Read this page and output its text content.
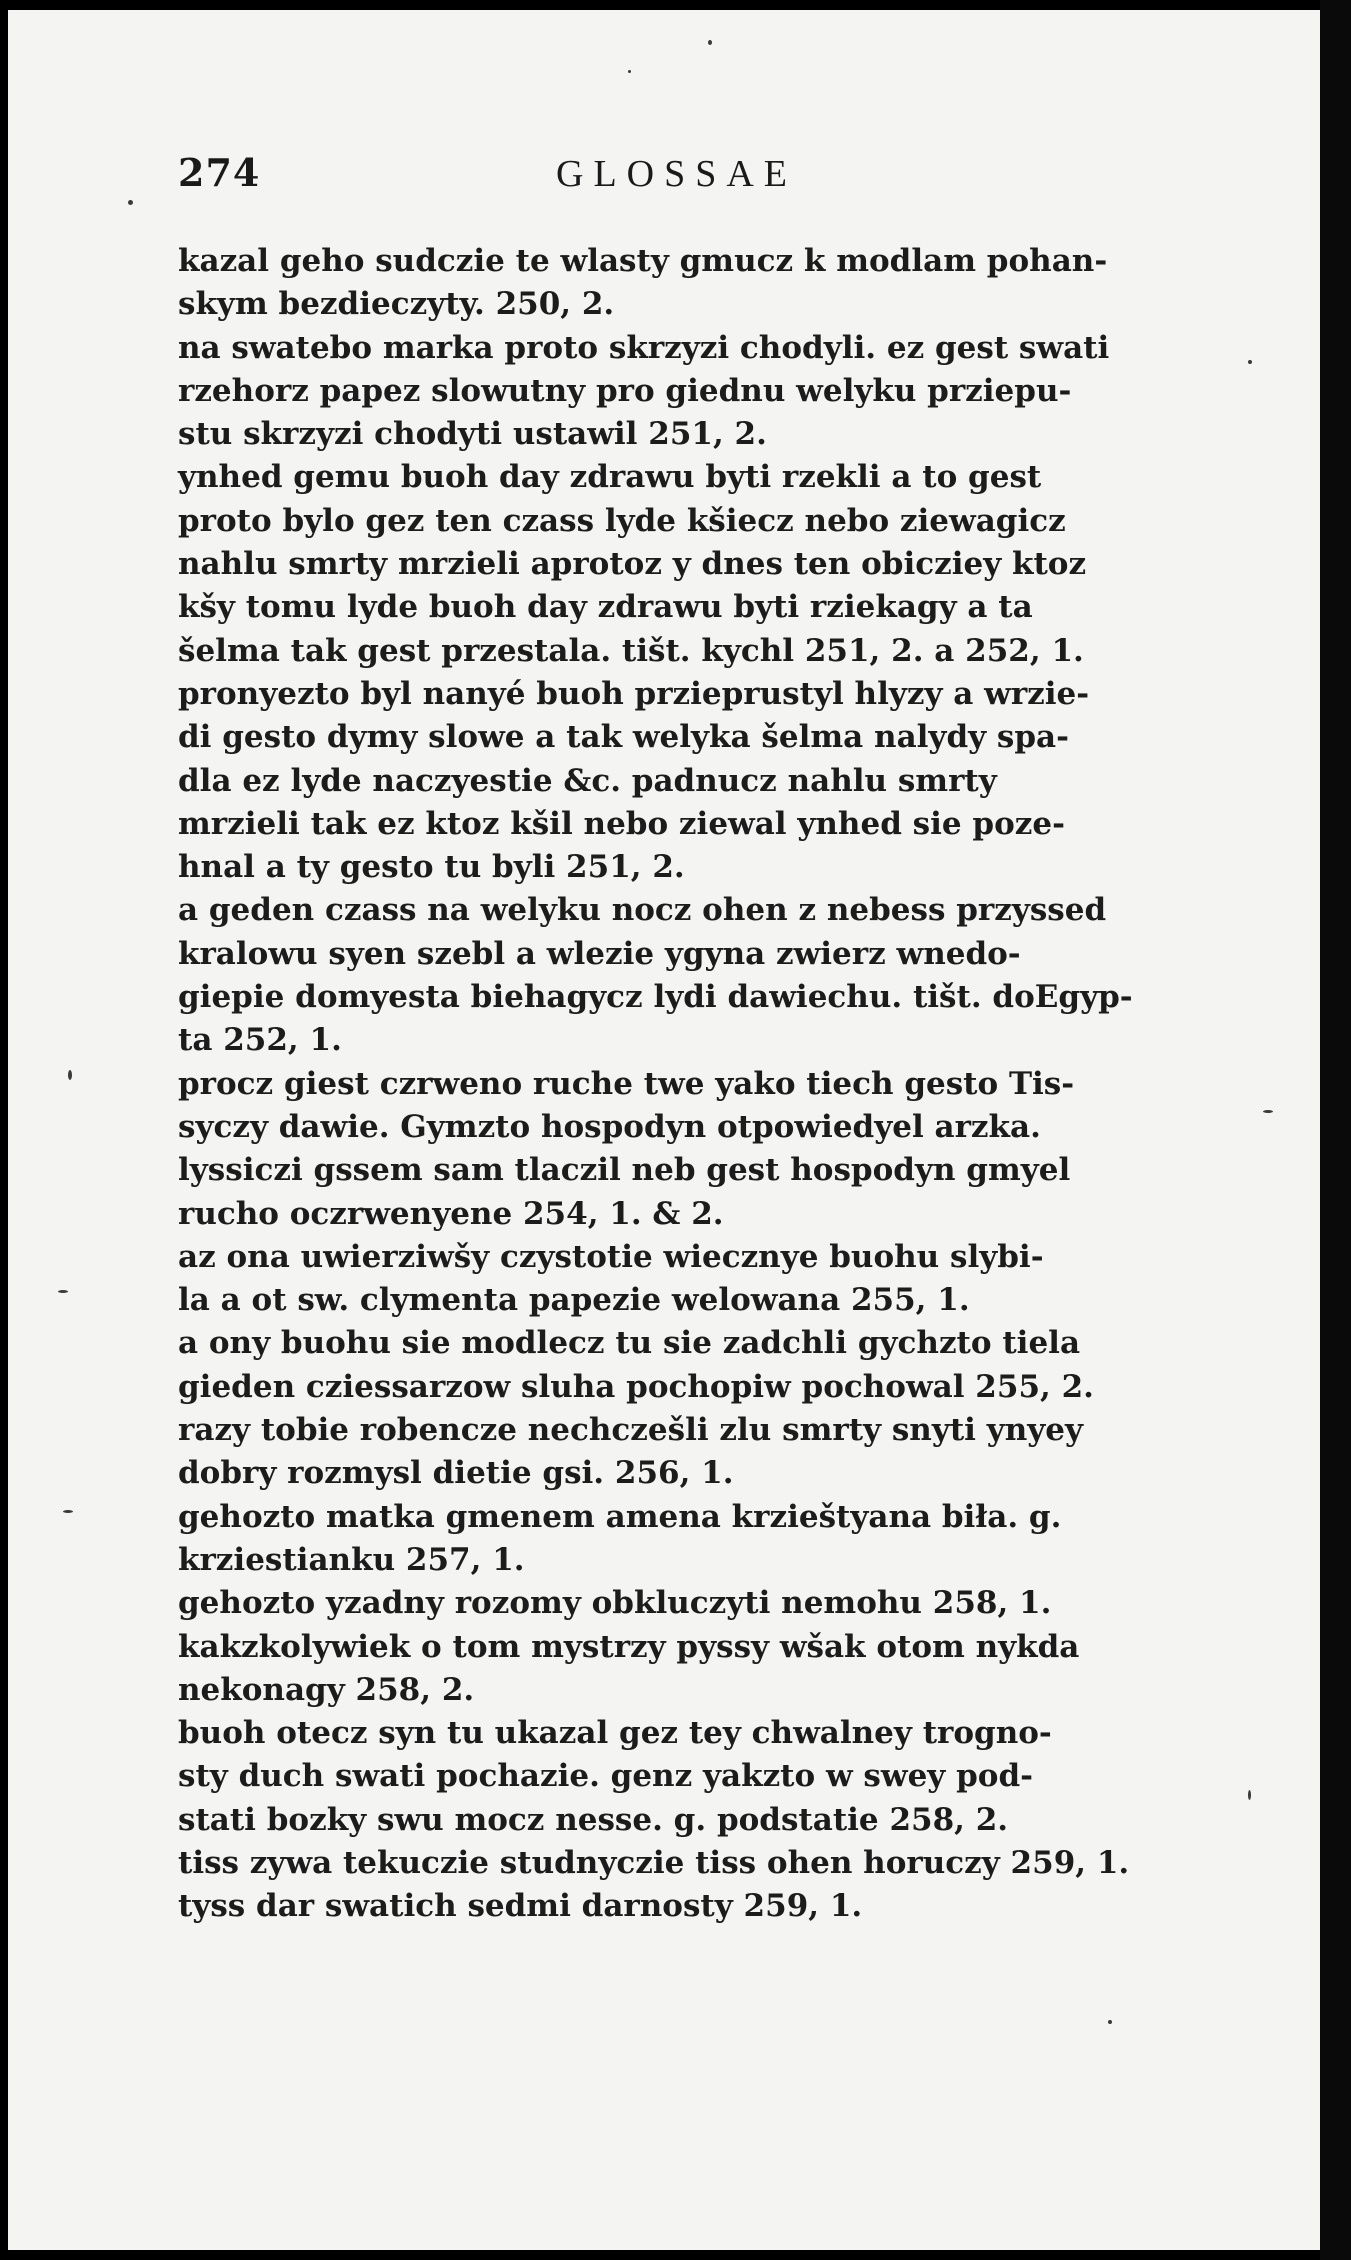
274	GLOSSAE
kazal geho sudczie te wlasty gmucz k modlam pohan-
skym bezdieczyty. 250, 2.
na swatebo marka proto skrzyzi chodyli. ez gest swati
rzehorz papez slowutny pro giednu welyku prziepu-
stu skrzyzi chodyti ustawil 251, 2.
ynhed gemu buoh day zdrawu byti rzekli a to gest
proto bylo gez ten czass lyde kšiecz nebo ziewagicz
nahlu smrty mrzieli aprotoz y dnes ten obicziey ktoz
kšy tomu lyde buoh day zdrawu byti rziekagy a ta
šelma tak gest przestala. tišt. kychl 251, 2. a 252, 1.
pronyezto byl nanyé buoh przieprustyl hlyzy a wrzie-
di gesto dymy slowe a tak welyka šelma nalydy spa-
dla ez lyde naczyestie &c. padnucz nahlu smrty
mrzieli tak ez ktoz kšil nebo ziewal ynhed sie poze-
hnal a ty gesto tu byli 251, 2.
a geden czass na welyku nocz ohen z nebess przyssed
kralowu syen szebl a wlezie ygyna zwierz wnedo-
giepie domyesta biehagycz lydi dawiechu. tišt. doEgyp-
ta 252, 1.
procz giest czrweno ruche twe yako tiech gesto Tis-
syczy dawie. Gymzto hospodyn otpowiedyel arzka.
lyssiczi gssem sam tlaczil neb gest hospodyn gmyel
rucho oczrwenyene 254, 1. & 2.
az ona uwierziwšy czystotie wiecznye buohu slybi-
la a ot sw. clymenta papezie welowana 255, 1.
a ony buohu sie modlecz tu sie zadchli gychzto tiela
gieden cziessarzow sluha pochopiw pochowal 255, 2.
razy tobie robencze nechczešli zlu smrty snyti ynyey
dobry rozmysl dietie gsi. 256, 1.
gehozto matka gmenem amena krzieštyana biła. g.
krziestianku 257, 1.
gehozto yzadny rozomy obkluczyti nemohu 258, 1.
kakzkolywiek o tom mystrzy pyssy wšak otom nykda
nekonagy 258, 2.
buoh otecz syn tu ukazal gez tey chwalney trogno-
sty duch swati pochazie. genz yakzto w swey pod-
stati bozky swu mocz nesse. g. podstatie 258, 2.
tiss zywa tekuczie studnyczie tiss ohen horuczy 259, 1.
tyss dar swatich sedmi darnosty 259, 1.
